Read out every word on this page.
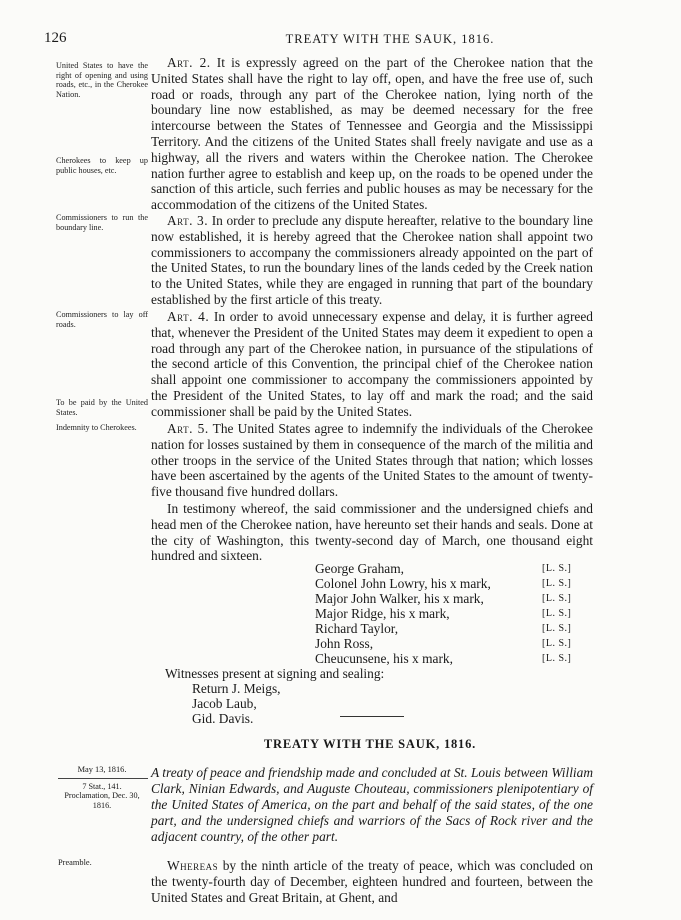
126	TREATY WITH THE SAUK, 1816.
United States to have the right of opening and using roads, etc., in the Cherokee Nation.
Cherokees to keep up public houses, etc.
Commissioners to run the boundary line.
Commissioners to lay off roads.
To be paid by the United States.
Indemnity to Cherokees.

Art. 2. It is expressly agreed on the part of the Cherokee nation that the United States shall have the right to lay off, open, and have the free use of, such road or roads, through any part of the Cherokee nation, lying north of the boundary line now established, as may be deemed necessary for the free intercourse between the States of Tennessee and Georgia and the Mississippi Territory. And the citizens of the United States shall freely navigate and use as a highway, all the rivers and waters within the Cherokee nation. The Cherokee nation further agree to establish and keep up, on the roads to be opened under the sanction of this article, such ferries and public houses as may be necessary for the accommodation of the citizens of the United States.

Art. 3. In order to preclude any dispute hereafter, relative to the boundary line now established, it is hereby agreed that the Cherokee nation shall appoint two commissioners to accompany the commissioners already appointed on the part of the United States, to run the boundary lines of the lands ceded by the Creek nation to the United States, while they are engaged in running that part of the boundary established by the first article of this treaty.

Art. 4. In order to avoid unnecessary expense and delay, it is further agreed that, whenever the President of the United States may deem it expedient to open a road through any part of the Cherokee nation, in pursuance of the stipulations of the second article of this Convention, the principal chief of the Cherokee nation shall appoint one commissioner to accompany the commissioners appointed by the President of the United States, to lay off and mark the road; and the said commissioner shall be paid by the United States.

Art. 5. The United States agree to indemnify the individuals of the Cherokee nation for losses sustained by them in consequence of the march of the militia and other troops in the service of the United States through that nation; which losses have been ascertained by the agents of the United States to the amount of twenty-five thousand five hundred dollars.

In testimony whereof, the said commissioner and the undersigned chiefs and head men of the Cherokee nation, have hereunto set their hands and seals. Done at the city of Washington, this twenty-second day of March, one thousand eight hundred and sixteen.

George Graham,	[L. S.]
Colonel John Lowry, his x mark,	[L. S.]
Major John Walker, his x mark,	[L. S.]
Major Ridge, his x mark,	[L. S.]
Richard Taylor,	[L. S.]
John Ross,	[L. S.]
Cheucunsene, his x mark,	[L. S.]
Witnesses present at signing and sealing:
Return J. Meigs,
Jacob Laub,
Gid. Davis.
TREATY WITH THE SAUK, 1816.
May 13, 1816.
7 Stat., 141.
Proclamation, Dec. 30, 1816.

A treaty of peace and friendship made and concluded at St. Louis between William Clark, Ninian Edwards, and Auguste Chouteau, commissioners plenipotentiary of the United States of America, on the part and behalf of the said states, of the one part, and the undersigned chiefs and warriors of the Sacs of Rock river and the adjacent country, of the other part.

Preamble.	Whereas by the ninth article of the treaty of peace, which was concluded on the twenty-fourth day of December, eighteen hundred and fourteen, between the United States and Great Britain, at Ghent, and
